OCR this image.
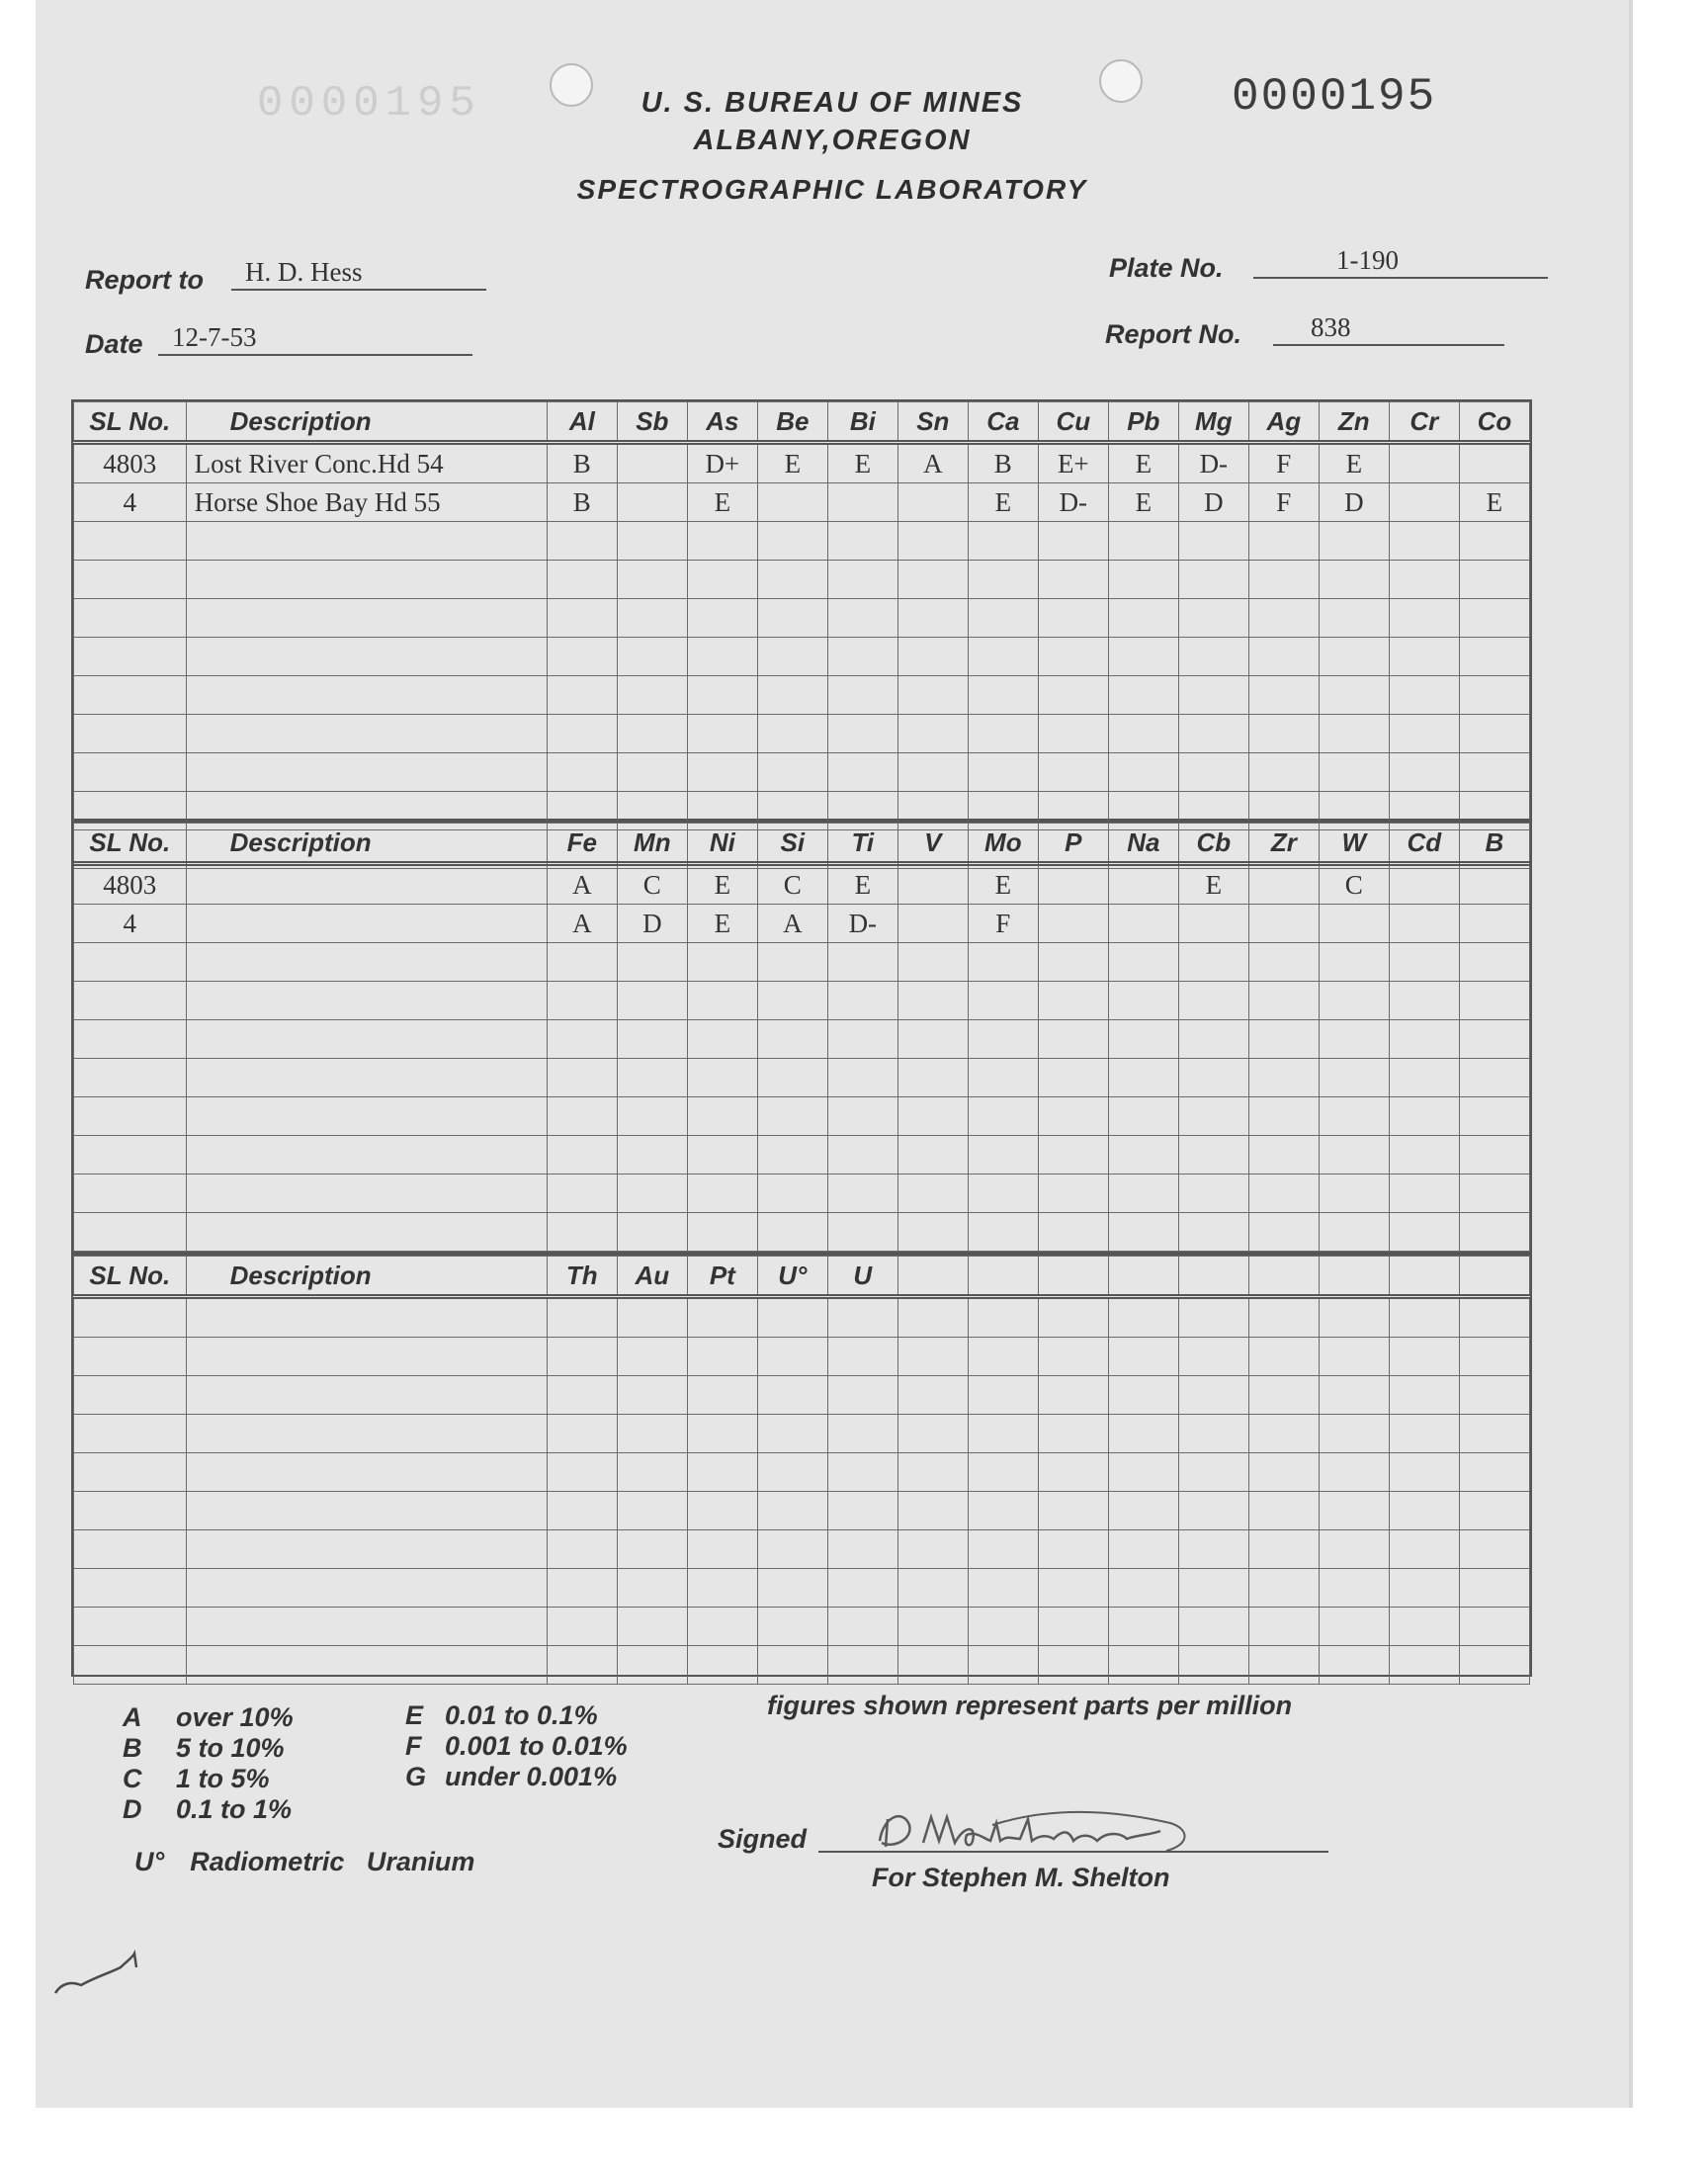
0000195	0000195
U. S. BUREAU OF MINES
ALBANY,OREGON
SPECTROGRAPHIC LABORATORY
Report to	H. D. Hess
Date	12-7-53
Plate No.	1-190
Report No.	838
SL No.	Description	Al	Sb	As	Be	Bi	Sn	Ca	Cu	Pb	Mg	Ag	Zn	Cr	Co
4803	Lost River Conc.Hd 54	B		D+	E	E	A	B	E+	E	D-	F	E		
4	Horse Shoe Bay Hd 55	B		E				E	D-	E	D	F	D		E

SL No.	Description	Fe	Mn	Ni	Si	Ti	V	Mo	P	Na	Cb	Zr	W	Cd	B
4803		A	C	E	C	E		E			E		C		
4		A	D	E	A	D-		F							

SL No.	Description	Th	Au	Pt	U°	U									

A over 10%
B 5 to 10%
C 1 to 5%
D 0.1 to 1%
E 0.01 to 0.1%
F 0.001 to 0.01%
G under 0.001%
figures shown represent parts per million
U° Radiometric   Uranium
Signed
For Stephen M. Shelton
